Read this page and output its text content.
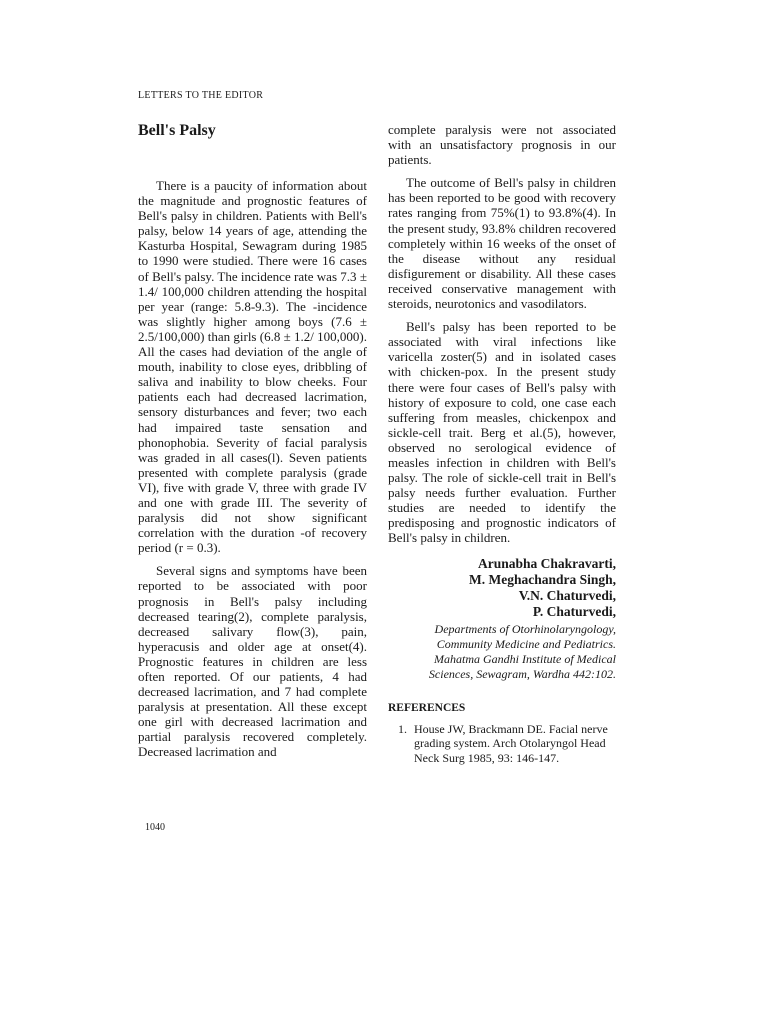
LETTERS TO THE EDITOR
Bell's Palsy

There is a paucity of information about the magnitude and prognostic features of Bell's palsy in children. Patients with Bell's palsy, below 14 years of age, attending the Kasturba Hospital, Sewagram during 1985 to 1990 were studied. There were 16 cases of Bell's palsy. The incidence rate was 7.3 ± 1.4/ 100,000 children attending the hospital per year (range: 5.8-9.3). The -incidence was slightly higher among boys (7.6 ± 2.5/100,000) than girls (6.8 ± 1.2/ 100,000). All the cases had deviation of the angle of mouth, inability to close eyes, dribbling of saliva and inability to blow cheeks. Four patients each had decreased lacrimation, sensory disturbances and fever; two each had impaired taste sensation and phonophobia. Severity of facial paralysis was graded in all cases(l). Seven patients presented with complete paralysis (grade VI), five with grade V, three with grade IV and one with grade III. The severity of paralysis did not show significant correlation with the duration -of recovery period (r = 0.3).

Several signs and symptoms have been reported to be associated with poor prognosis in Bell's palsy including decreased tearing(2), complete paralysis, decreased salivary flow(3), pain, hyperacusis and older age at onset(4). Prognostic features in children are less often reported. Of our patients, 4 had decreased lacrimation, and 7 had complete paralysis at presentation. All these except one girl with decreased lacrimation and partial paralysis recovered completely. Decreased lacrimation and

complete paralysis were not associated with an unsatisfactory prognosis in our patients.

The outcome of Bell's palsy in children has been reported to be good with recovery rates ranging from 75%(1) to 93.8%(4). In the present study, 93.8% children recovered completely within 16 weeks of the onset of the disease without any residual disfigurement or disability. All these cases received conservative management with steroids, neurotonics and vasodilators.

Bell's palsy has been reported to be associated with viral infections like varicella zoster(5) and in isolated cases with chicken-pox. In the present study there were four cases of Bell's palsy with history of exposure to cold, one case each suffering from measles, chickenpox and sickle-cell trait. Berg et al.(5), however, observed no serological evidence of measles infection in children with Bell's palsy. The role of sickle-cell trait in Bell's palsy needs further evaluation. Further studies are needed to identify the predisposing and prognostic indicators of Bell's palsy in children.

Arunabha Chakravarti,
M. Meghachandra Singh,
V.N. Chaturvedi,
P. Chaturvedi,
Departments of Otorhinolaryngology,
Community Medicine and Pediatrics.
Mahatma Gandhi Institute of Medical
Sciences, Sewagram, Wardha 442:102.
REFERENCES
1. House JW, Brackmann DE. Facial nerve grading system. Arch Otolaryngol Head Neck Surg 1985, 93: 146-147.
1040
